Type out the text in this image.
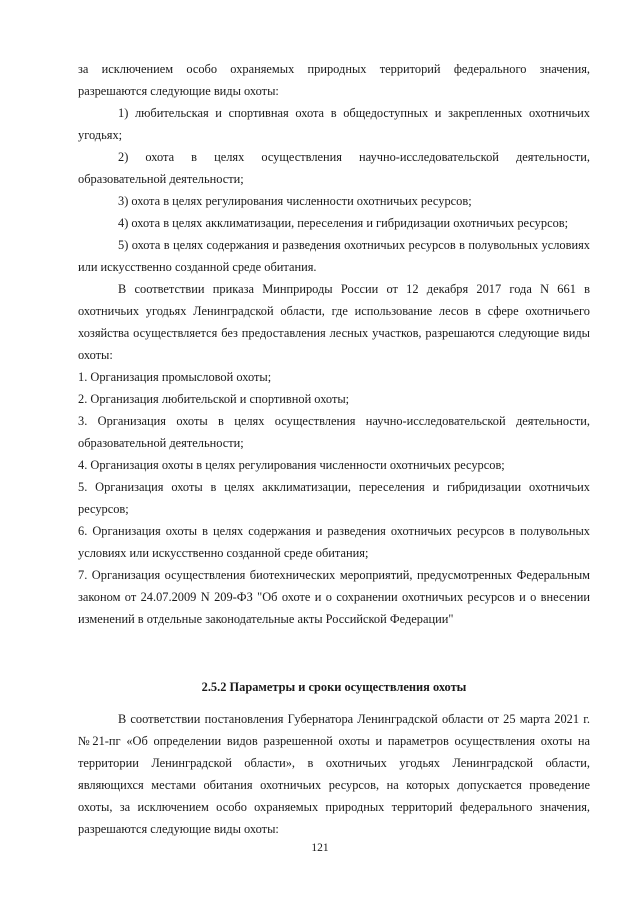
за исключением особо охраняемых природных территорий федерального значения, разрешаются следующие виды охоты:

1) любительская и спортивная охота в общедоступных и закрепленных охотничьих угодьях;

2) охота в целях осуществления научно-исследовательской деятельности, образовательной деятельности;

3) охота в целях регулирования численности охотничьих ресурсов;

4) охота в целях акклиматизации, переселения и гибридизации охотничьих ресурсов;

5) охота в целях содержания и разведения охотничьих ресурсов в полувольных условиях или искусственно созданной среде обитания.

В соответствии приказа Минприроды России от 12 декабря 2017 года N 661 в охотничьих угодьях Ленинградской области, где использование лесов в сфере охотничьего хозяйства осуществляется без предоставления лесных участков, разрешаются следующие виды охоты:

1. Организация промысловой охоты;

2. Организация любительской и спортивной охоты;

3. Организация охоты в целях осуществления научно-исследовательской деятельности, образовательной деятельности;

4. Организация охоты в целях регулирования численности охотничьих ресурсов;

5. Организация охоты в целях акклиматизации, переселения и гибридизации охотничьих ресурсов;

6. Организация охоты в целях содержания и разведения охотничьих ресурсов в полувольных условиях или искусственно созданной среде обитания;

7. Организация осуществления биотехнических мероприятий, предусмотренных Федеральным законом от 24.07.2009 N 209-ФЗ "Об охоте и о сохранении охотничьих ресурсов и о внесении изменений в отдельные законодательные акты Российской Федерации"

2.5.2 Параметры и сроки осуществления охоты

В соответствии постановления Губернатора Ленинградской области от 25 марта 2021 г. №21-пг «Об определении видов разрешенной охоты и параметров осуществления охоты на территории Ленинградской области», в охотничьих угодьях Ленинградской области, являющихся местами обитания охотничьих ресурсов, на которых допускается проведение охоты, за исключением особо охраняемых природных территорий федерального значения, разрешаются следующие виды охоты:

121
